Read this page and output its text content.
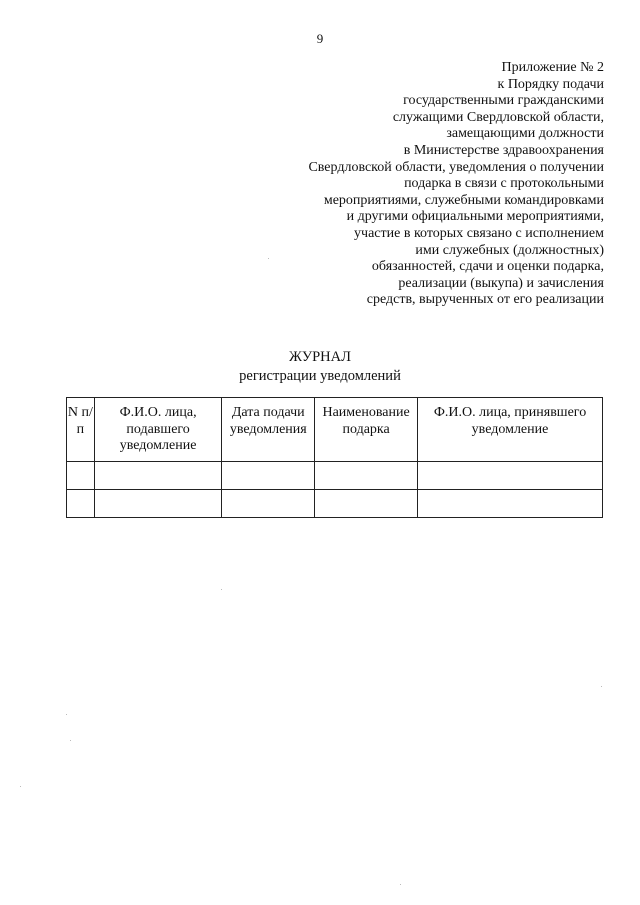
9
Приложение № 2
к Порядку подачи
государственными гражданскими
служащими Свердловской области,
замещающими должности
в Министерстве здравоохранения
Свердловской области, уведомления о получении
подарка в связи с протокольными
мероприятиями, служебными командировками
и другими официальными мероприятиями,
участие в которых связано с исполнением
ими служебных (должностных)
обязанностей, сдачи и оценки подарка,
реализации (выкупа) и зачисления
средств, вырученных от его реализации
ЖУРНАЛ
регистрации уведомлений
N п/п	Ф.И.О. лица, подавшего уведомление	Дата подачи уведомления	Наименование подарка	Ф.И.О. лица, принявшего уведомление
